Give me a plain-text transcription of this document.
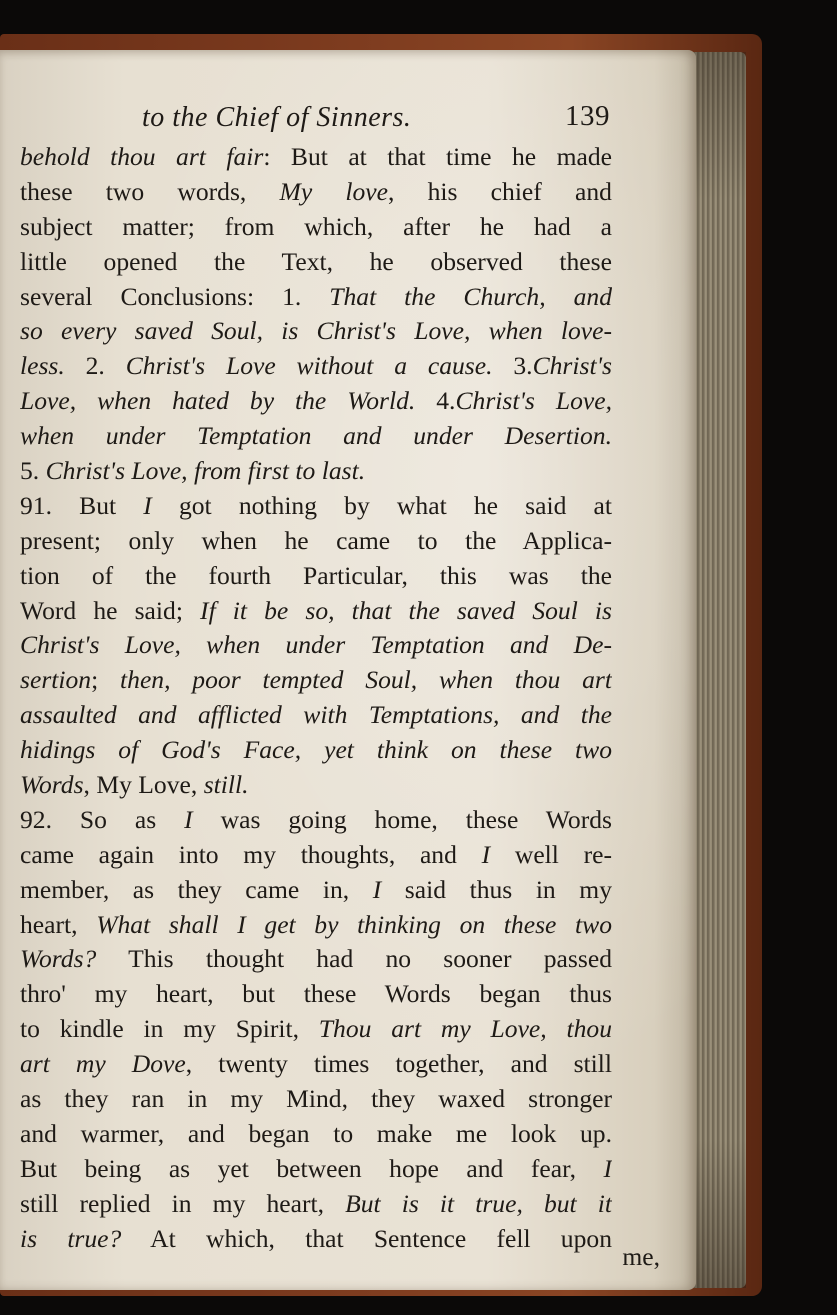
to the Chief of Sinners.	139
behold thou art fair: But at that time he made
these two words, My love, his chief and
subject matter; from which, after he had a
little opened the Text, he observed these
several Conclusions: 1. That the Church, and
so every saved Soul, is Christ's Love, when love-
less. 2. Christ's Love without a cause. 3.Christ's
Love, when hated by the World. 4.Christ's Love,
when under Temptation and under Desertion.
5. Christ's Love, from first to last.
91. But I got nothing by what he said at
present; only when he came to the Applica-
tion of the fourth Particular, this was the
Word he said; If it be so, that the saved Soul is
Christ's Love, when under Temptation and De-
sertion; then, poor tempted Soul, when thou art
assaulted and afflicted with Temptations, and the
hidings of God's Face, yet think on these two
Words, My Love, still.
92. So as I was going home, these Words
came again into my thoughts, and I well re-
member, as they came in, I said thus in my
heart, What shall I get by thinking on these two
Words? This thought had no sooner passed
thro' my heart, but these Words began thus
to kindle in my Spirit, Thou art my Love, thou
art my Dove, twenty times together, and still
as they ran in my Mind, they waxed stronger
and warmer, and began to make me look up.
But being as yet between hope and fear, I
still replied in my heart, But is it true, but it
is true? At which, that Sentence fell upon
me,
